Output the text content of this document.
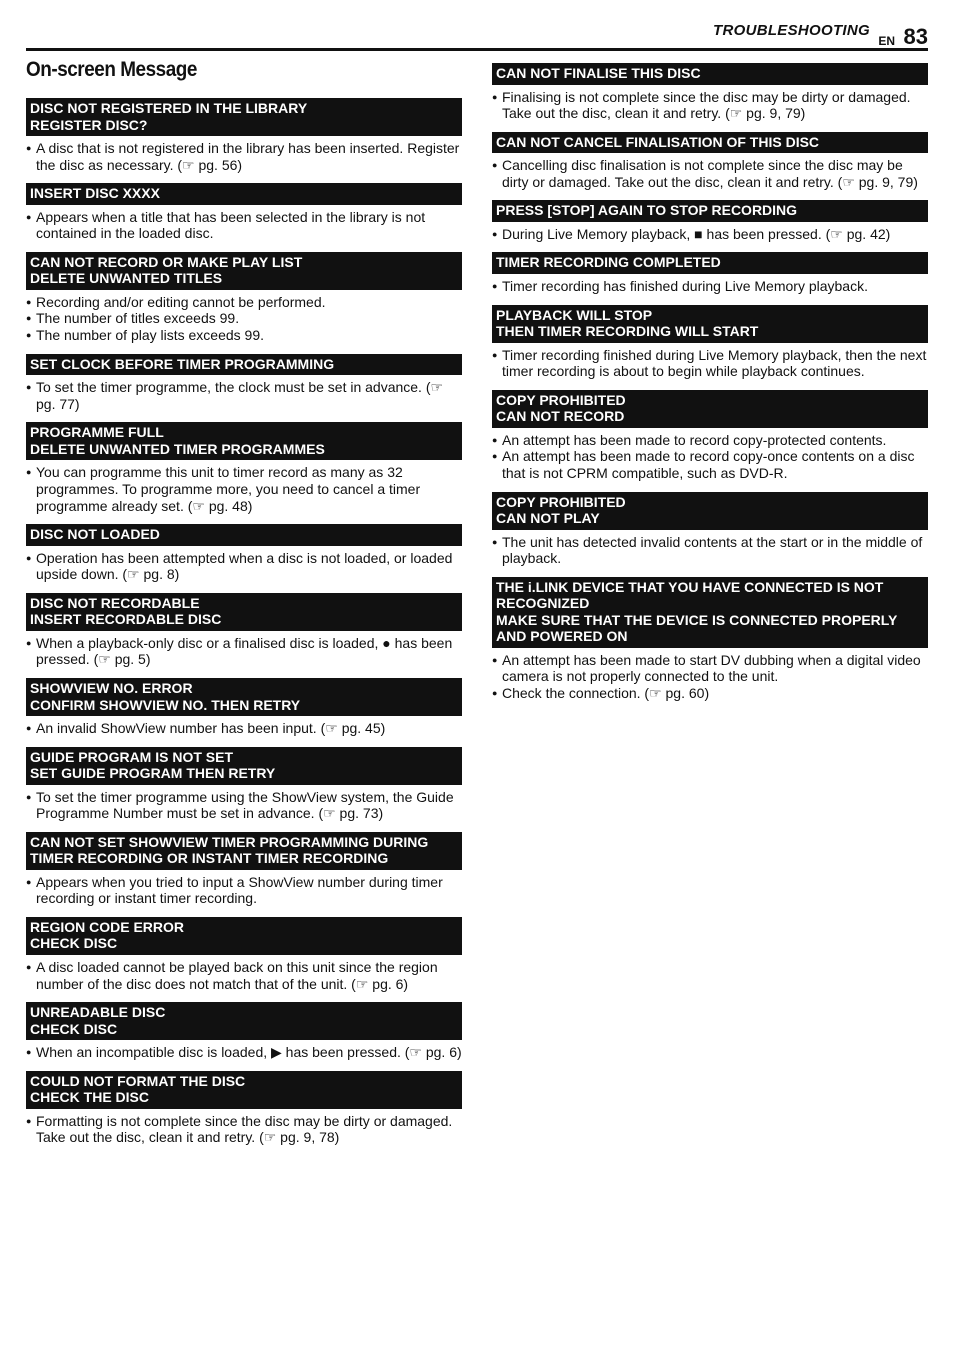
TROUBLESHOOTING
EN 83
On-screen Message
DISC NOT REGISTERED IN THE LIBRARY
REGISTER DISC?
● A disc that is not registered in the library has been inserted. Register the disc as necessary. (☞ pg. 56)
INSERT DISC XXXX
● Appears when a title that has been selected in the library is not contained in the loaded disc.
CAN NOT RECORD OR MAKE PLAY LIST
DELETE UNWANTED TITLES
● Recording and/or editing cannot be performed.
● The number of titles exceeds 99.
● The number of play lists exceeds 99.
SET CLOCK BEFORE TIMER PROGRAMMING
● To set the timer programme, the clock must be set in advance. (☞ pg. 77)
PROGRAMME FULL
DELETE UNWANTED TIMER PROGRAMMES
● You can programme this unit to timer record as many as 32 programmes. To programme more, you need to cancel a timer programme already set. (☞ pg. 48)
DISC NOT LOADED
● Operation has been attempted when a disc is not loaded, or loaded upside down. (☞ pg. 8)
DISC NOT RECORDABLE
INSERT RECORDABLE DISC
● When a playback-only disc or a finalised disc is loaded, ● has been pressed. (☞ pg. 5)
SHOWVIEW NO. ERROR
CONFIRM SHOWVIEW NO. THEN RETRY
● An invalid ShowView number has been input. (☞ pg. 45)
GUIDE PROGRAM IS NOT SET
SET GUIDE PROGRAM THEN RETRY
● To set the timer programme using the ShowView system, the Guide Programme Number must be set in advance. (☞ pg. 73)
CAN NOT SET SHOWVIEW TIMER PROGRAMMING DURING
TIMER RECORDING OR INSTANT TIMER RECORDING
● Appears when you tried to input a ShowView number during timer recording or instant timer recording.
REGION CODE ERROR
CHECK DISC
● A disc loaded cannot be played back on this unit since the region number of the disc does not match that of the unit. (☞ pg. 6)
UNREADABLE DISC
CHECK DISC
● When an incompatible disc is loaded, ▶ has been pressed. (☞ pg. 6)
COULD NOT FORMAT THE DISC
CHECK THE DISC
● Formatting is not complete since the disc may be dirty or damaged. Take out the disc, clean it and retry. (☞ pg. 9, 78)
CAN NOT FINALISE THIS DISC
● Finalising is not complete since the disc may be dirty or damaged. Take out the disc, clean it and retry. (☞ pg. 9, 79)
CAN NOT CANCEL FINALISATION OF THIS DISC
● Cancelling disc finalisation is not complete since the disc may be dirty or damaged. Take out the disc, clean it and retry. (☞ pg. 9, 79)
PRESS [STOP] AGAIN TO STOP RECORDING
● During Live Memory playback, ■ has been pressed. (☞ pg. 42)
TIMER RECORDING COMPLETED
● Timer recording has finished during Live Memory playback.
PLAYBACK WILL STOP
THEN TIMER RECORDING WILL START
● Timer recording finished during Live Memory playback, then the next timer recording is about to begin while playback continues.
COPY PROHIBITED
CAN NOT RECORD
● An attempt has been made to record copy-protected contents.
● An attempt has been made to record copy-once contents on a disc that is not CPRM compatible, such as DVD-R.
COPY PROHIBITED
CAN NOT PLAY
● The unit has detected invalid contents at the start or in the middle of playback.
THE i.LINK DEVICE THAT YOU HAVE CONNECTED IS NOT RECOGNIZED
MAKE SURE THAT THE DEVICE IS CONNECTED PROPERLY AND POWERED ON
● An attempt has been made to start DV dubbing when a digital video camera is not properly connected to the unit.
● Check the connection. (☞ pg. 60)
